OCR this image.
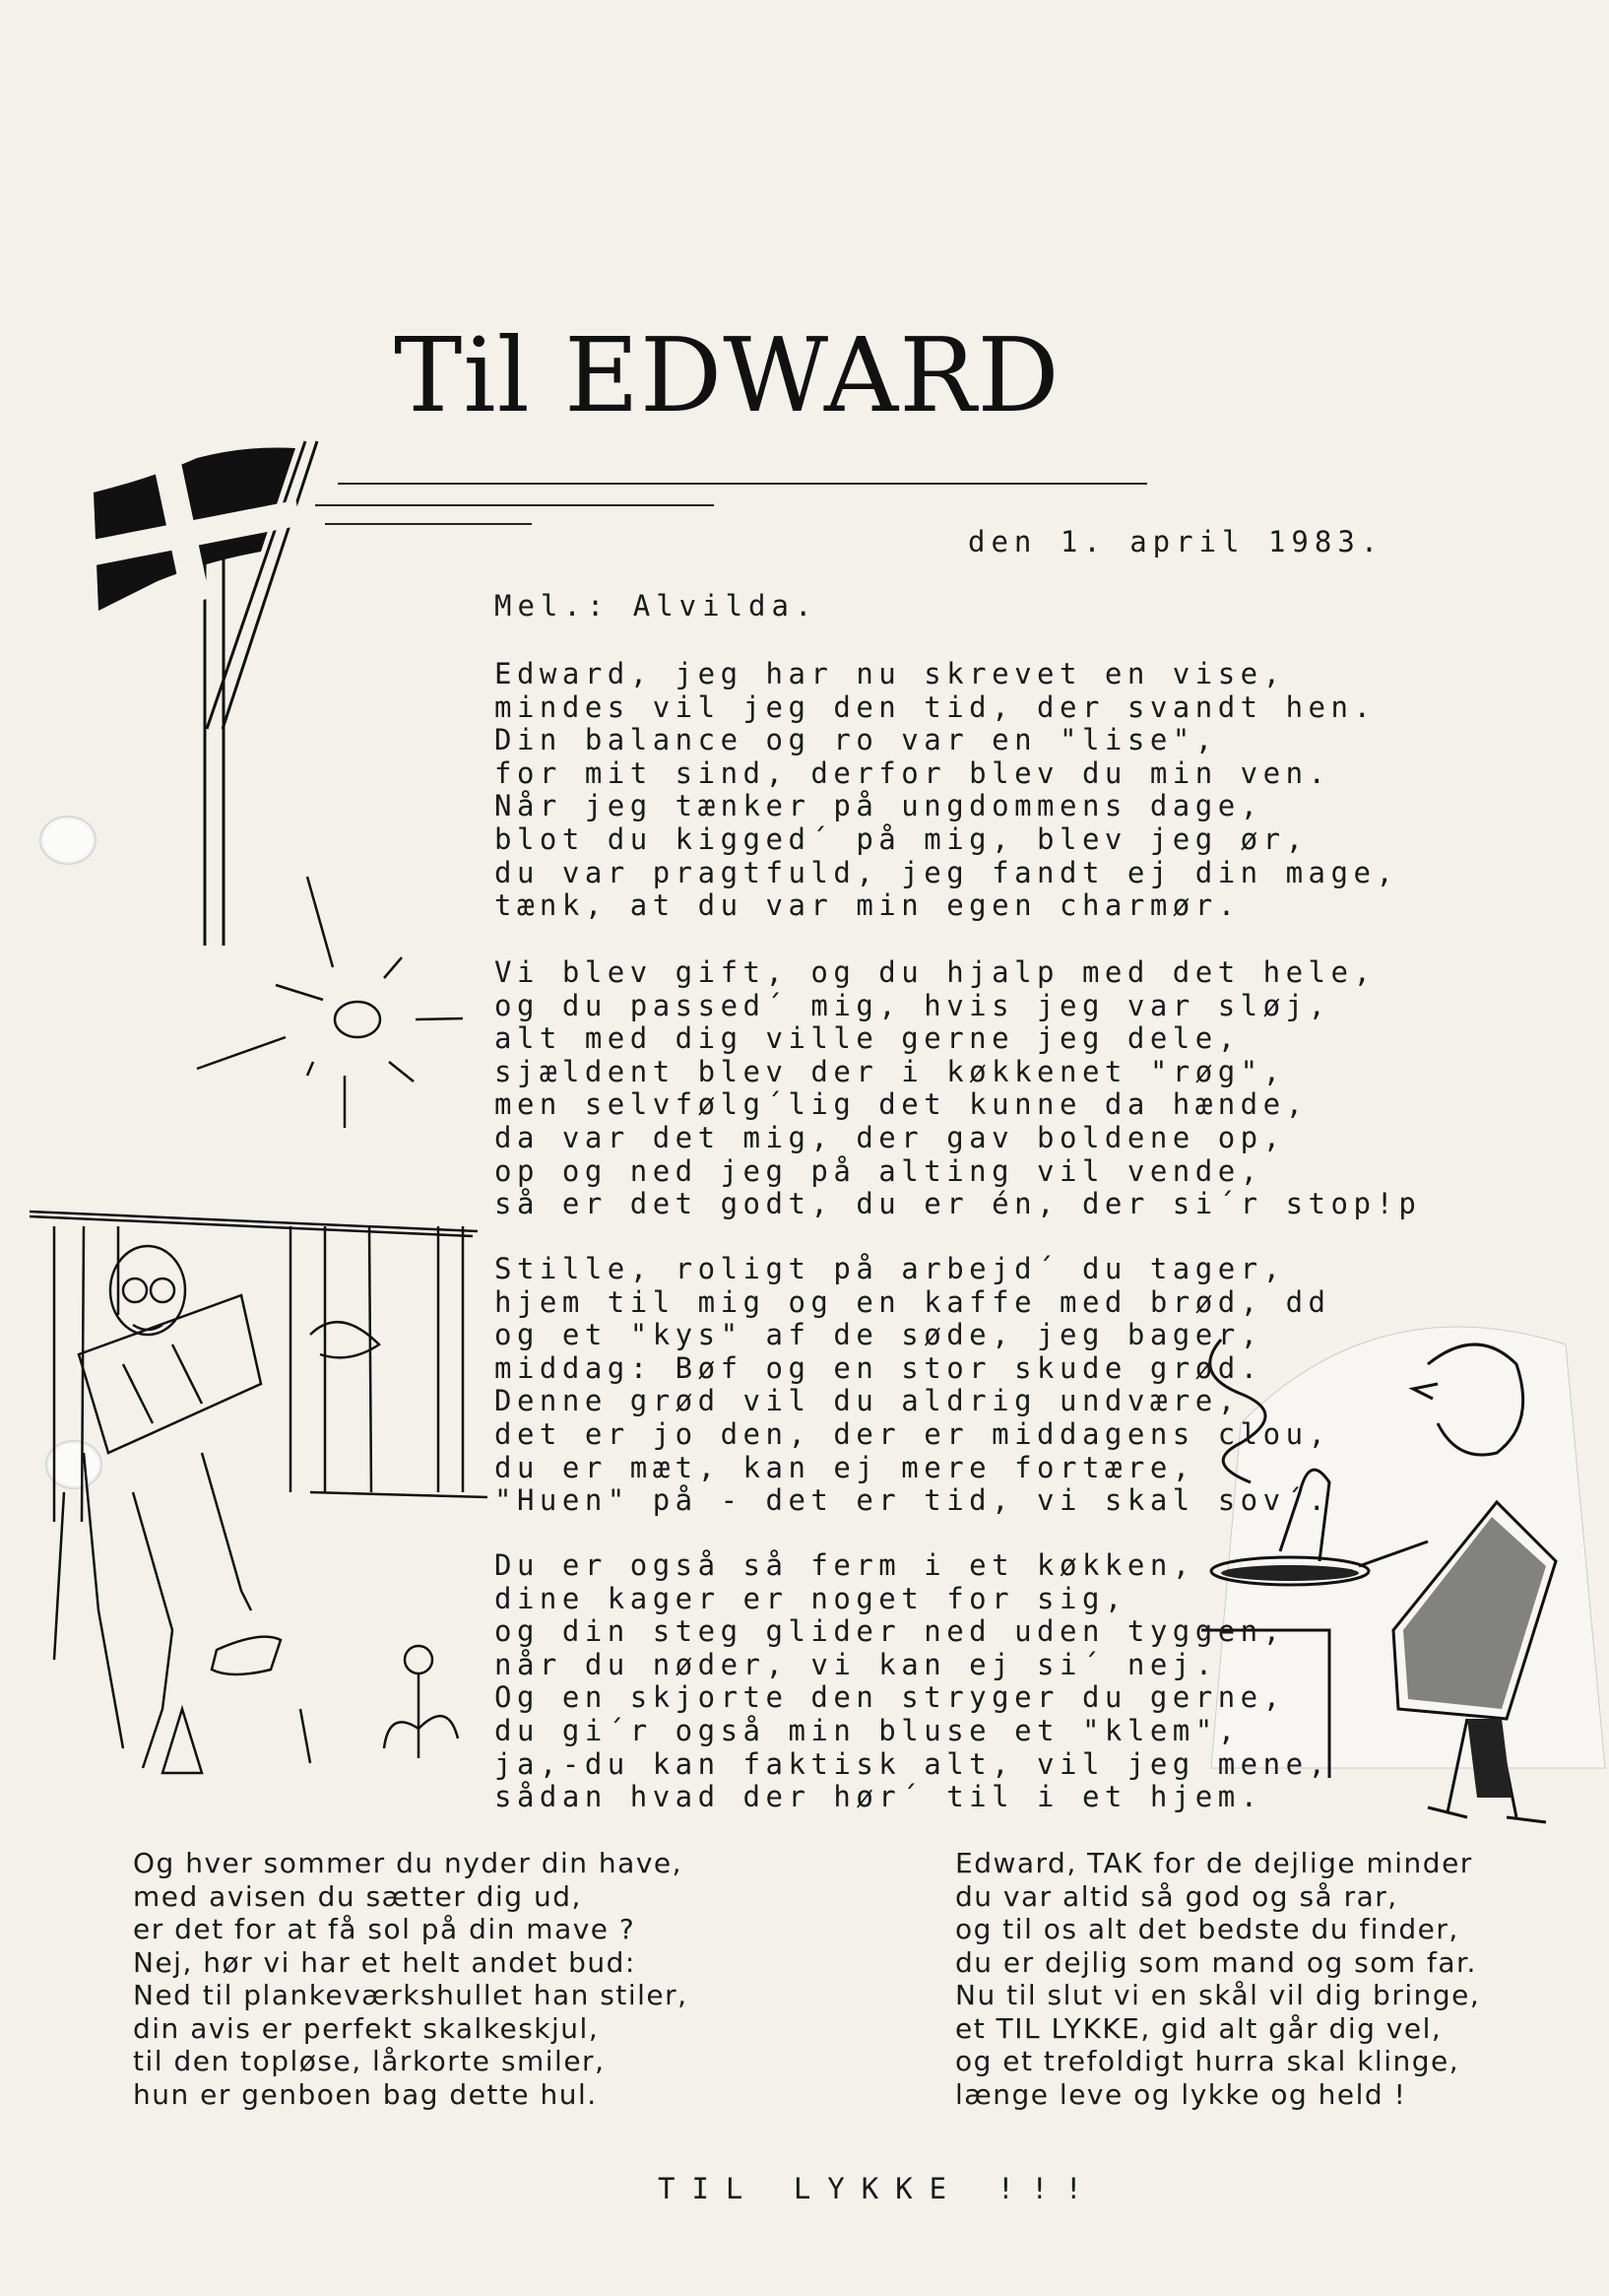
Til EDWARD
den 1. april 1983.
Mel.: Alvilda.
Edward, jeg har nu skrevet en vise,
mindes vil jeg den tid, der svandt hen.
Din balance og ro var en "lise",
for mit sind, derfor blev du min ven.
Når jeg tænker på ungdommens dage,
blot du kigged´ på mig, blev jeg ør,
du var pragtfuld, jeg fandt ej din mage,
tænk, at du var min egen charmør.
Vi blev gift, og du hjalp med det hele,
og du passed´ mig, hvis jeg var sløj,
alt med dig ville gerne jeg dele,
sjældent blev der i køkkenet "røg",
men selvfølg´lig det kunne da hænde,
da var det mig, der gav boldene op,
op og ned jeg på alting vil vende,
så er det godt, du er én, der si´r stop!p
Stille, roligt på arbejd´ du tager,
hjem til mig og en kaffe med brød, dd
og et "kys" af de søde, jeg bager,
middag: Bøf og en stor skude grød.
Denne grød vil du aldrig undvære,
det er jo den, der er middagens clou,
du er mæt, kan ej mere fortære,
"Huen" på - det er tid, vi skal sov´.
Du er også så ferm i et køkken,
dine kager er noget for sig,
og din steg glider ned uden tyggen,
når du nøder, vi kan ej si´ nej.
Og en skjorte den stryger du gerne,
du gi´r også min bluse et "klem",
ja,-du kan faktisk alt, vil jeg mene,
sådan hvad der hør´ til i et hjem.
Og hver sommer du nyder din have,
med avisen du sætter dig ud,
er det for at få sol på din mave ?
Nej, hør vi har et helt andet bud:
Ned til plankeværkshullet han stiler,
din avis er perfekt skalkeskjul,
til den topløse, lårkorte smiler,
hun er genboen bag dette hul.
Edward, TAK for de dejlige minder
du var altid så god og så rar,
og til os alt det bedste du finder,
du er dejlig som mand og som far.
Nu til slut vi en skål vil dig bringe,
et TIL LYKKE, gid alt går dig vel,
og et trefoldigt hurra skal klinge,
længe leve og lykke og held !
TIL LYKKE !!!
